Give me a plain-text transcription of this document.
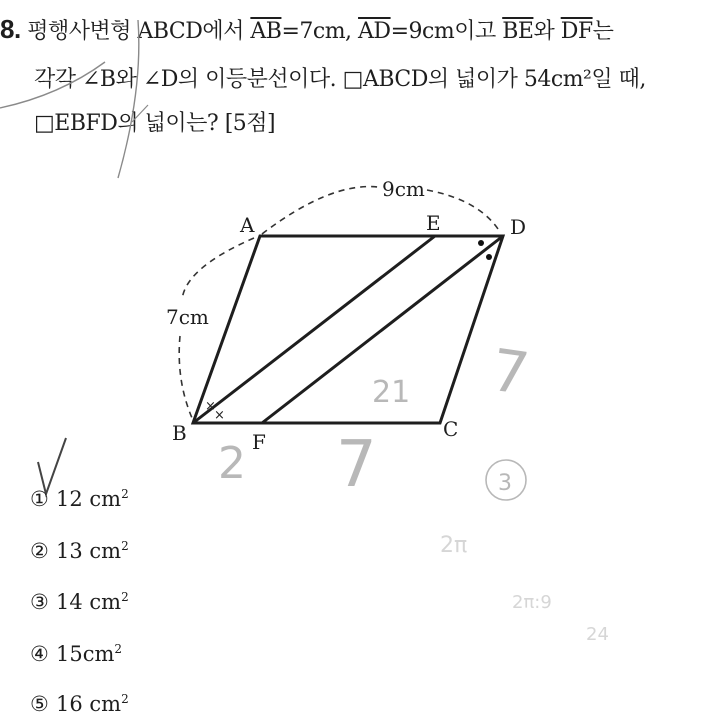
8. 평행사변형 ABCD에서 $\overline{AB}=7cm$, $\overline{AD}=9cm$이고 $\overline{BE}$와 $\overline{DF}$는
각각 ∠B와 ∠D의 이등분선이다. □ABCD의 넓이가 54cm²일 때,
□EBFD의 넓이는? [5점]
×
×
A	E	D
B	F
C
9cm
7cm
7
21
2 7	3
2π
2π:9
24
① 12 $cm^2$
② 13 $cm^2$
③ 14 $cm^2$
④ $15cm^2$
⑤ 16 $cm^2$
